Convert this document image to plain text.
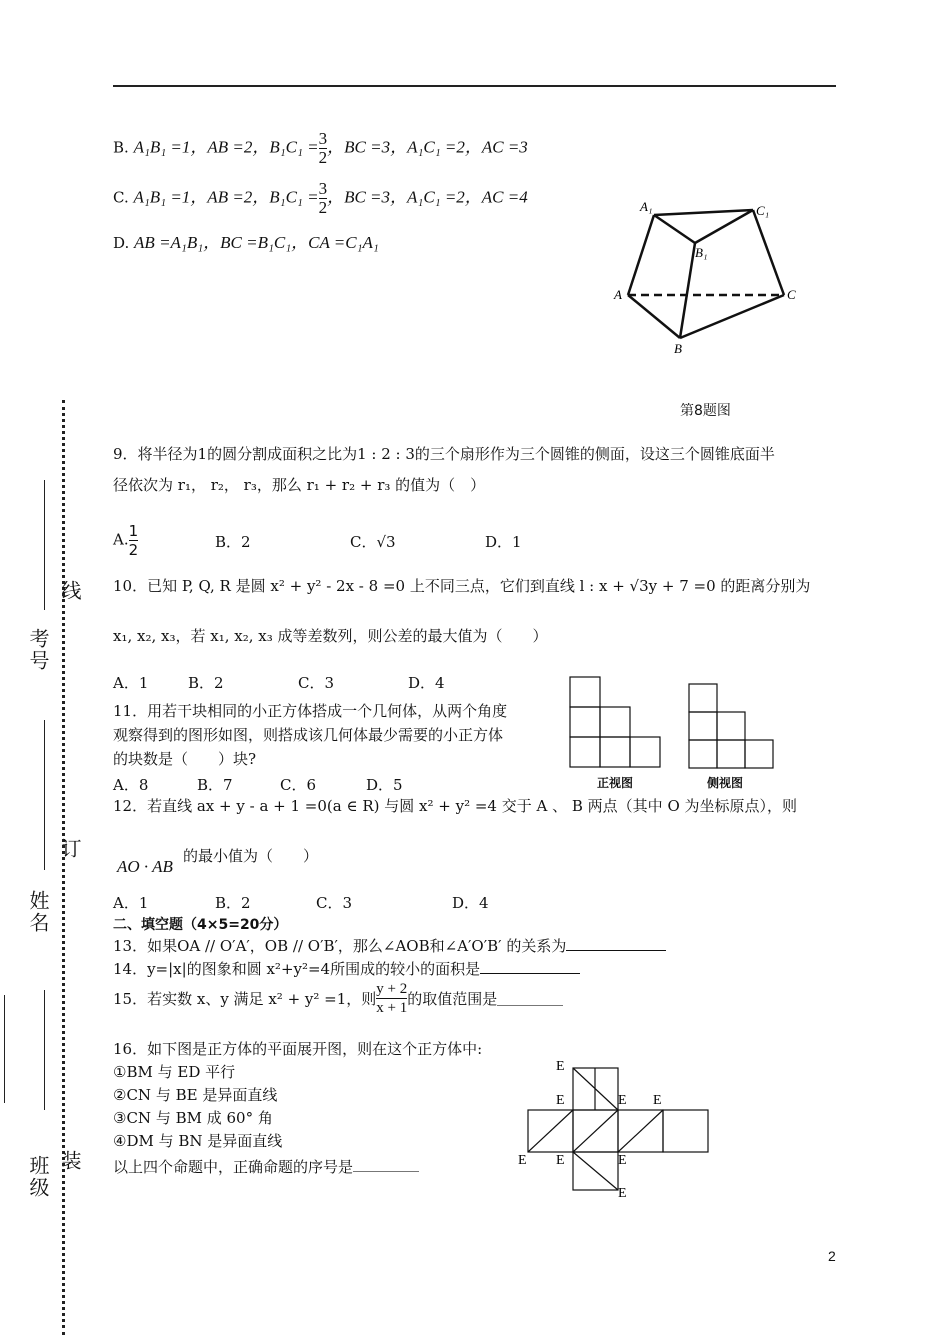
考号
线
姓名
订
班级 装
B. A₁B₁ =1，AB =2，$B_1C_1 = \frac{3}{2}$ ，BC =3，A₁C₁ =2，AC =3
C. A₁B₁ =1，AB =2，$B_1C_1 = \frac{3}{2}$ ，BC =3，A₁C₁ =2，AC =4
D. AB =A₁B₁，BC =B₁C₁，CA =C₁A₁
A₁	C₁
B₁
A	C
B
第8题图
9．将半径为1的圆分割成面积之比为1 : 2 : 3的三个扇形作为三个圆锥的侧面，设这三个圆锥底面半
径依次为 r₁， r₂， r₃，那么 r₁ + r₂ + r₃ 的值为（　）
A. $\frac{1}{2}$	B．2	C．√3	D．1
10．已知 P, Q, R 是圆 x² + y² - 2x - 8 =0 上不同三点，它们到直线 l : x + √3y + 7 =0 的距离分别为
x₁, x₂, x₃，若 x₁, x₂, x₃ 成等差数列，则公差的最大值为（　　）
A．1	B．2	C．3	D．4
11．用若干块相同的小正方体搭成一个几何体，从两个角度
观察得到的图形如图，则搭成该几何体最少需要的小正方体
的块数是（　　）块?
A．8	B．7	C．6	D．5	正视图	侧视图
12．若直线 ax + y - a + 1 =0(a ∈ R) 与圆 x² + y² =4 交于 A 、 B 两点（其中 O 为坐标原点），则
AO · AB
的最小值为（　　）
A．1	B．2	C．3	D．4
二、填空题（4×5=20分）
13．如果OA // O′A′，OB // O′B′，那么∠AOB和∠A′O′B′ 的关系为
14．y=|x|的图象和圆 x²+y²=4所围成的较小的面积是
15．若实数 x、y 满足 x² + y² =1，则 $\frac{y + 2}{x + 1}$ 的取值范围是
16．如下图是正方体的平面展开图，则在这个正方体中:
①BM 与 ED 平行
②CN 与 BE 是异面直线
③CN 与 BM 成 60° 角
④DM 与 BN 是异面直线
以上四个命题中，正确命题的序号是
E
E	E E
E E	E
E
2
